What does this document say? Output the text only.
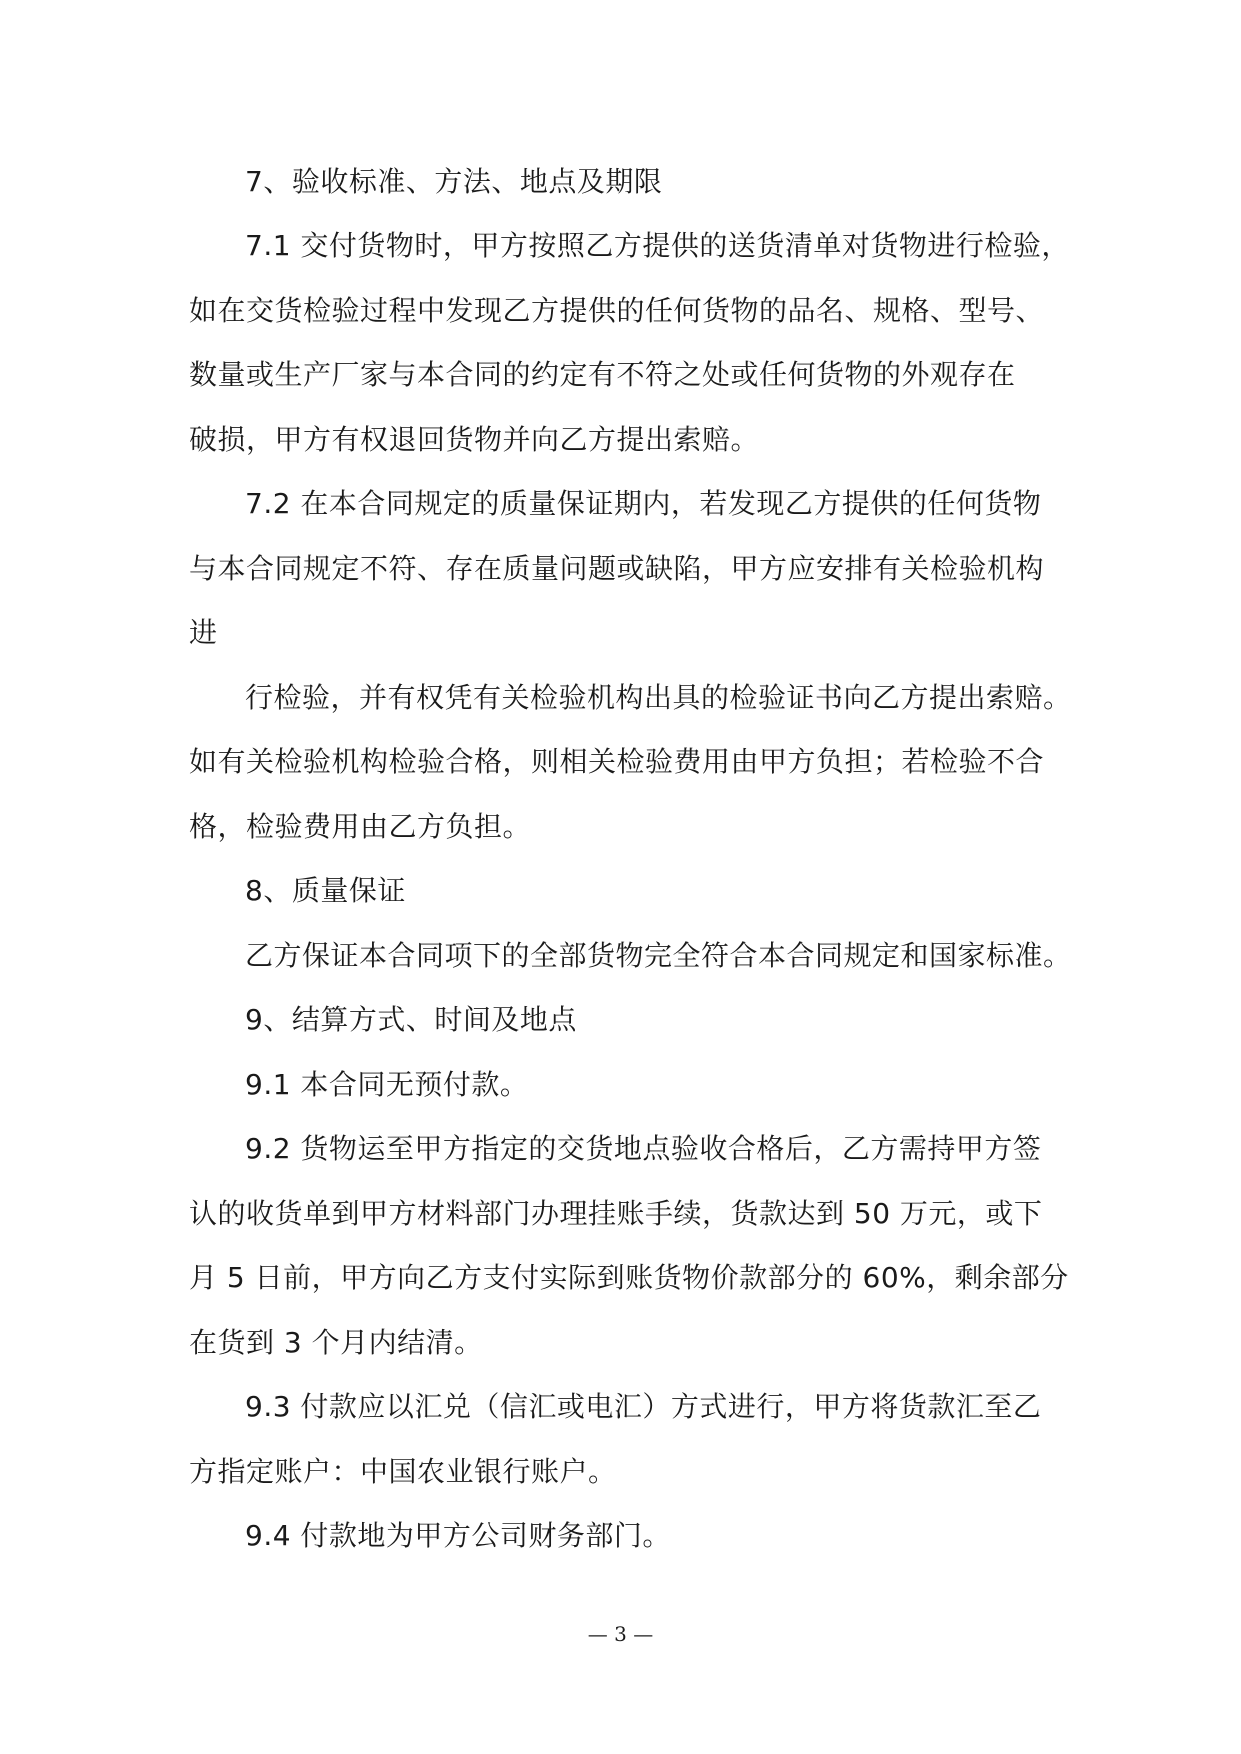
7、验收标准、方法、地点及期限
7.1 交付货物时，甲方按照乙方提供的送货清单对货物进行检验，
如在交货检验过程中发现乙方提供的任何货物的品名、规格、型号、
数量或生产厂家与本合同的约定有不符之处或任何货物的外观存在
破损，甲方有权退回货物并向乙方提出索赔。
7.2 在本合同规定的质量保证期内，若发现乙方提供的任何货物
与本合同规定不符、存在质量问题或缺陷，甲方应安排有关检验机构
进
行检验，并有权凭有关检验机构出具的检验证书向乙方提出索赔。
如有关检验机构检验合格，则相关检验费用由甲方负担；若检验不合
格，检验费用由乙方负担。
8、质量保证
乙方保证本合同项下的全部货物完全符合本合同规定和国家标准。
9、结算方式、时间及地点
9.1 本合同无预付款。
9.2 货物运至甲方指定的交货地点验收合格后，乙方需持甲方签
认的收货单到甲方材料部门办理挂账手续，货款达到 50 万元，或下
月 5 日前，甲方向乙方支付实际到账货物价款部分的 60%，剩余部分
在货到 3 个月内结清。
9.3 付款应以汇兑（信汇或电汇）方式进行，甲方将货款汇至乙
方指定账户：中国农业银行账户。
9.4 付款地为甲方公司财务部门。
— 3 —
